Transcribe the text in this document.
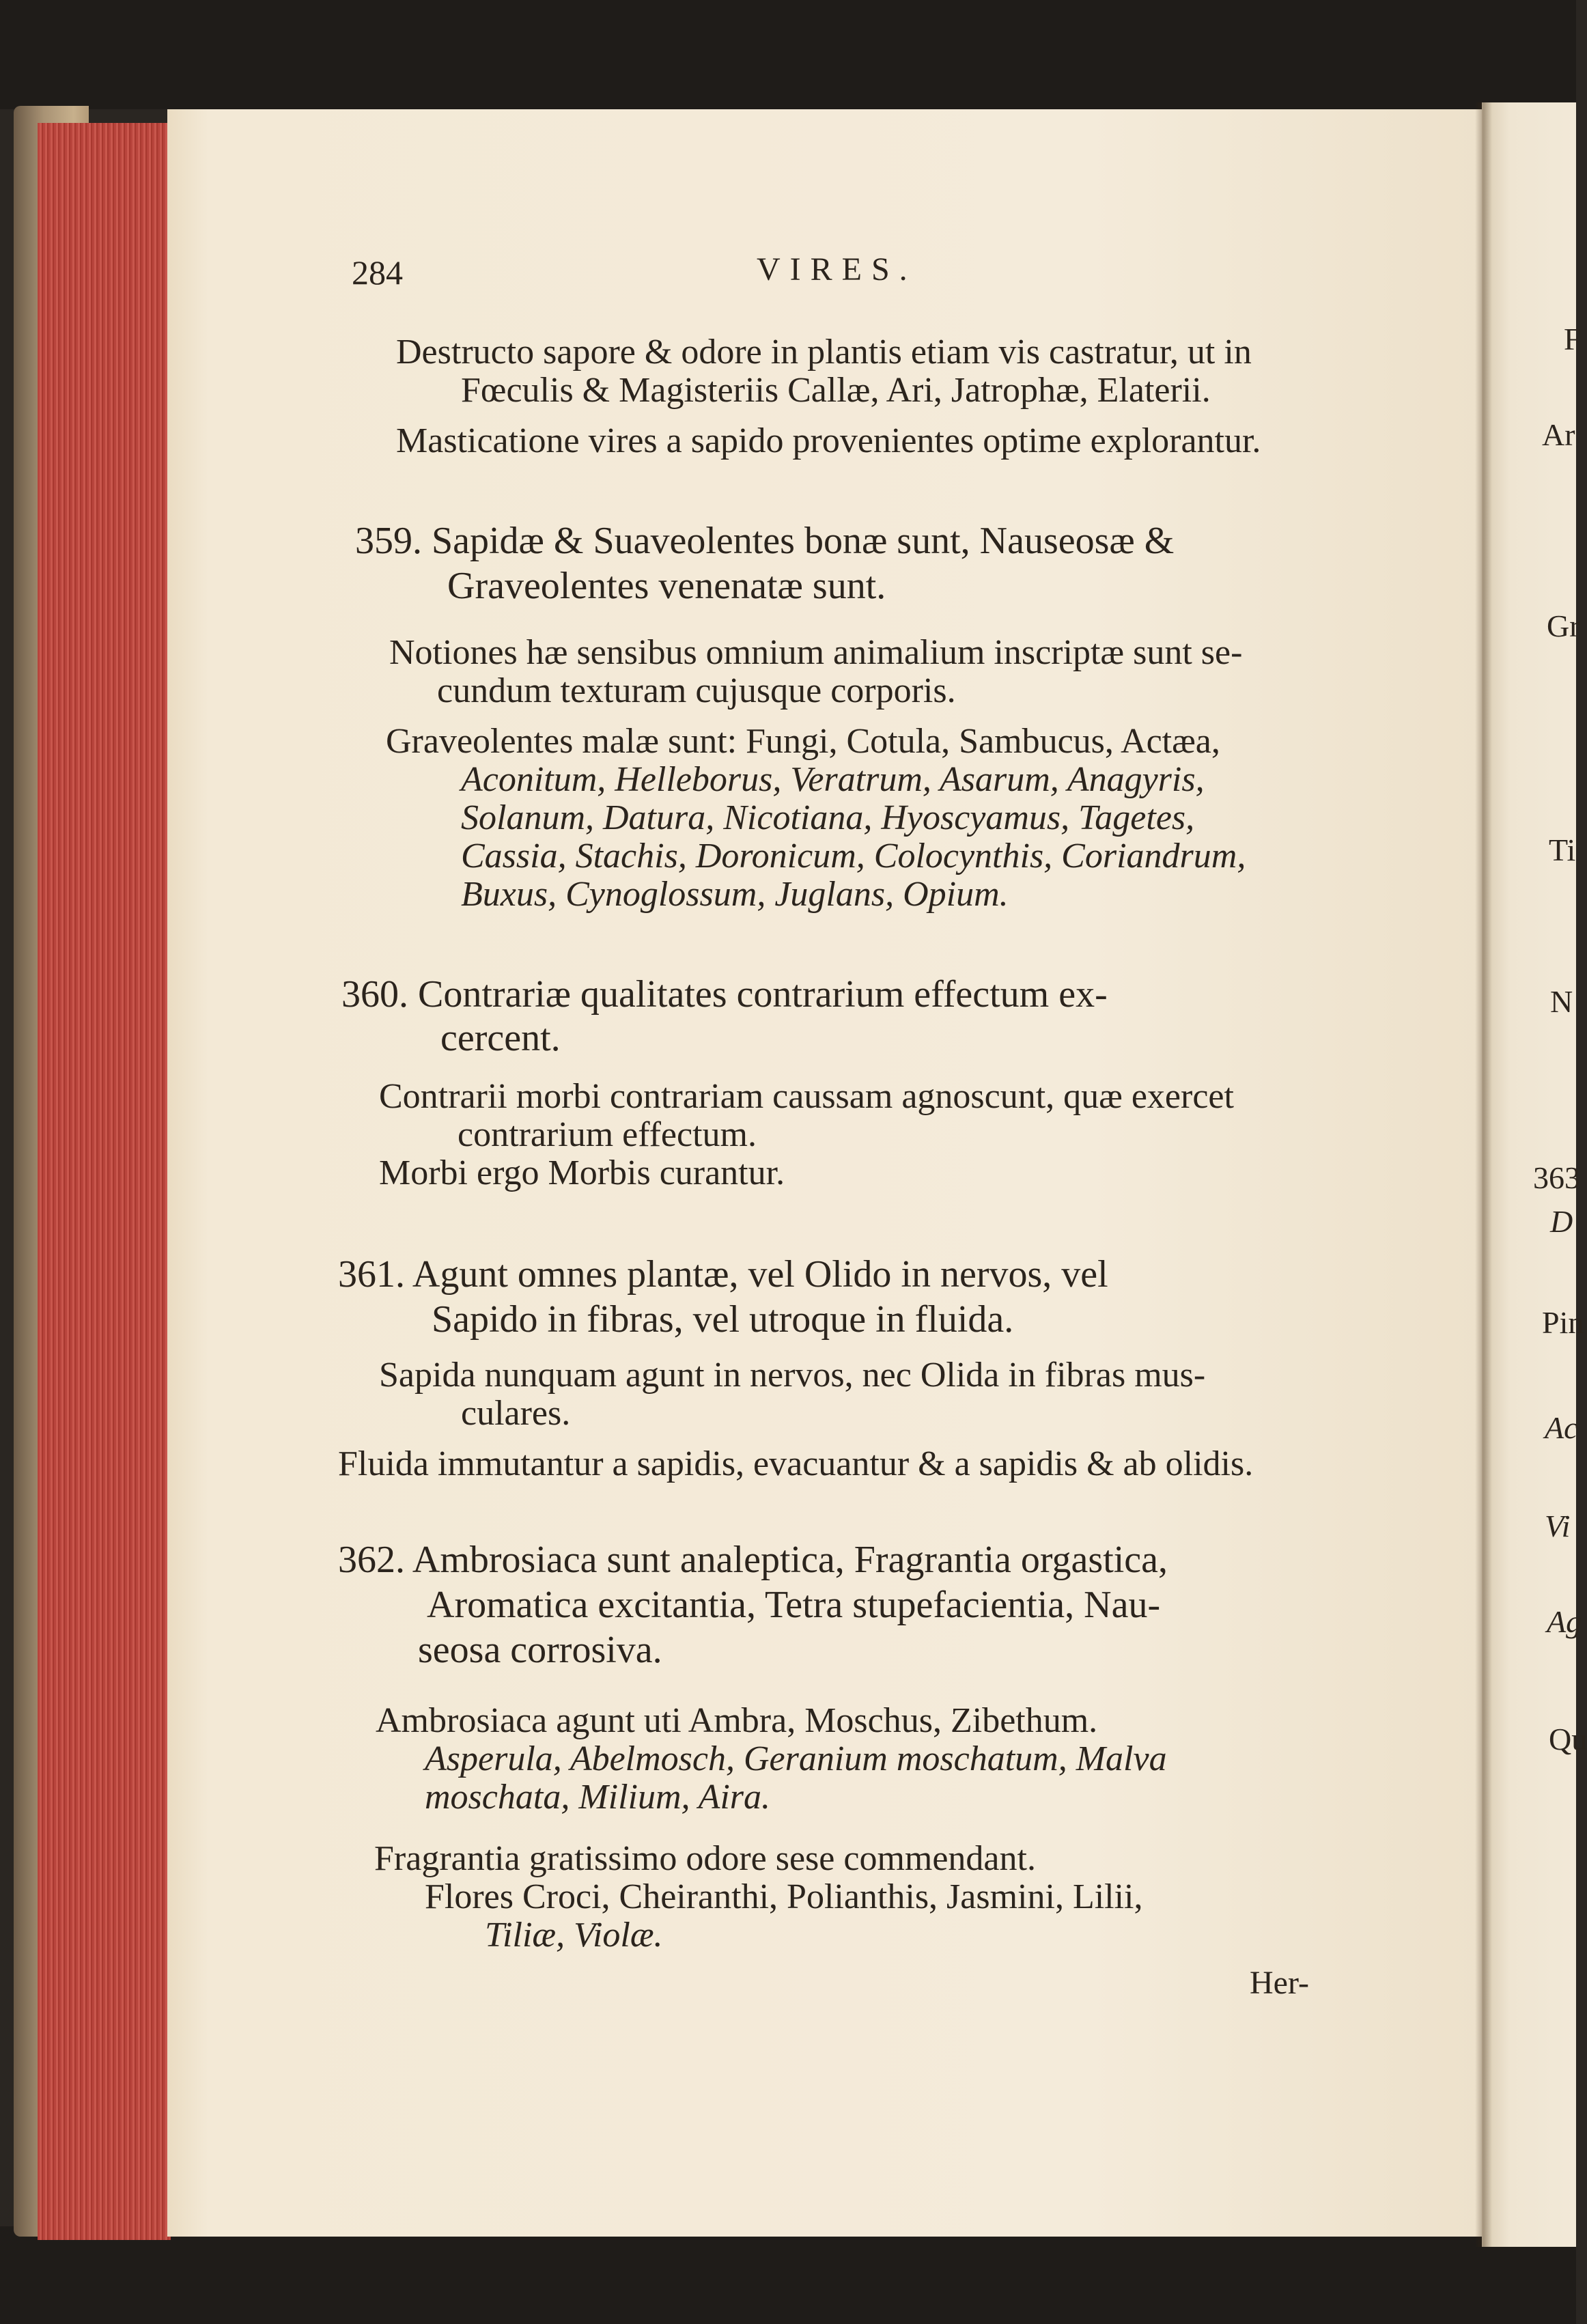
284	VIRES.
Destructo sapore & odore in plantis etiam vis castratur, ut in
Fœculis & Magisteriis Callæ, Ari, Jatrophæ, Elaterii.
Masticatione vires a sapido provenientes optime explorantur.
359. Sapidæ & Suaveolentes bonæ sunt, Nauseosæ &
Graveolentes venenatæ sunt.
Notiones hæ sensibus omnium animalium inscriptæ sunt se-
cundum texturam cujusque corporis.
Graveolentes malæ sunt: Fungi, Cotula, Sambucus, Actæa,
Aconitum, Helleborus, Veratrum, Asarum, Anagyris,
Solanum, Datura, Nicotiana, Hyoscyamus, Tagetes,
Cassia, Stachis, Doronicum, Colocynthis, Coriandrum,
Buxus, Cynoglossum, Juglans, Opium.
360. Contrariæ qualitates contrarium effectum ex-
cercent.
Contrarii morbi contrariam caussam agnoscunt, quæ exercet
contrarium effectum.
Morbi ergo Morbis curantur.
361. Agunt omnes plantæ, vel Olido in nervos, vel
Sapido in fibras, vel utroque in fluida.
Sapida nunquam agunt in nervos, nec Olida in fibras mus-
culares.
Fluida immutantur a sapidis, evacuantur & a sapidis & ab olidis.
362. Ambrosiaca sunt analeptica, Fragrantia orgastica,
Aromatica excitantia, Tetra stupefacientia, Nau-
seosa corrosiva.
Ambrosiaca agunt uti Ambra, Moschus, Zibethum.
Asperula, Abelmosch, Geranium moschatum, Malva
moschata, Milium, Aira.
Fragrantia gratissimo odore sese commendant.
Flores Croci, Cheiranthi, Polianthis, Jasmini, Lilii,
Tiliæ, Violæ.
Her-
F
Ar
Gr
Ti
N
363
D
Pin
Ac
Vi
Ag
Qu
